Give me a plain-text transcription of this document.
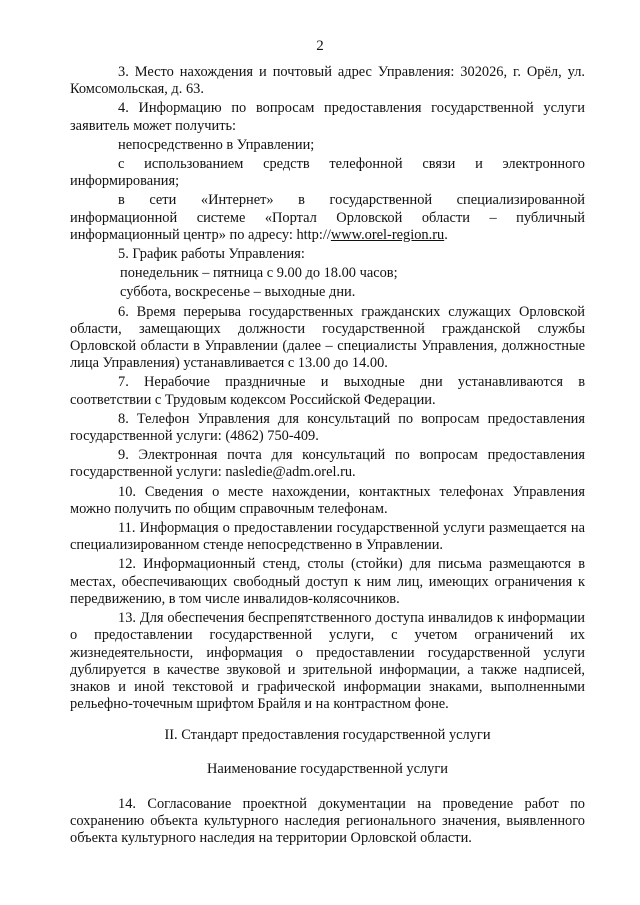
2

3. Место нахождения и почтовый адрес Управления: 302026, г. Орёл, ул. Комсомольская, д. 63.

4. Информацию по вопросам предоставления государственной услуги заявитель может получить:

непосредственно в Управлении;

с использованием средств телефонной связи и электронного информирования;

в сети «Интернет» в государственной специализированной информационной системе «Портал Орловской области – публичный информационный центр» по адресу: http://www.orel-region.ru.

5. График работы Управления:

понедельник – пятница с 9.00 до 18.00 часов;

суббота, воскресенье – выходные дни.

6. Время перерыва государственных гражданских служащих Орловской области, замещающих должности государственной гражданской службы Орловской области в Управлении (далее – специалисты Управления, должностные лица Управления) устанавливается с 13.00 до 14.00.

7. Нерабочие праздничные и выходные дни устанавливаются в соответствии с Трудовым кодексом Российской Федерации.

8. Телефон Управления для консультаций по вопросам предоставления государственной услуги: (4862) 750-409.

9. Электронная почта для консультаций по вопросам предоставления государственной услуги: nasledie@adm.orel.ru.

10. Сведения о месте нахождении, контактных телефонах Управления можно получить по общим справочным телефонам.

11. Информация о предоставлении государственной услуги размещается на специализированном стенде непосредственно в Управлении.

12. Информационный стенд, столы (стойки) для письма размещаются в местах, обеспечивающих свободный доступ к ним лиц, имеющих ограничения к передвижению, в том числе инвалидов-колясочников.

13. Для обеспечения беспрепятственного доступа инвалидов к информации о предоставлении государственной услуги, с учетом ограничений их жизнедеятельности, информация о предоставлении государственной услуги дублируется в качестве звуковой и зрительной информации, а также надписей, знаков и иной текстовой и графической информации знаками, выполненными рельефно-точечным шрифтом Брайля и на контрастном фоне.

II. Стандарт предоставления государственной услуги

Наименование государственной услуги

14. Согласование проектной документации на проведение работ по сохранению объекта культурного наследия регионального значения, выявленного объекта культурного наследия на территории Орловской области.
